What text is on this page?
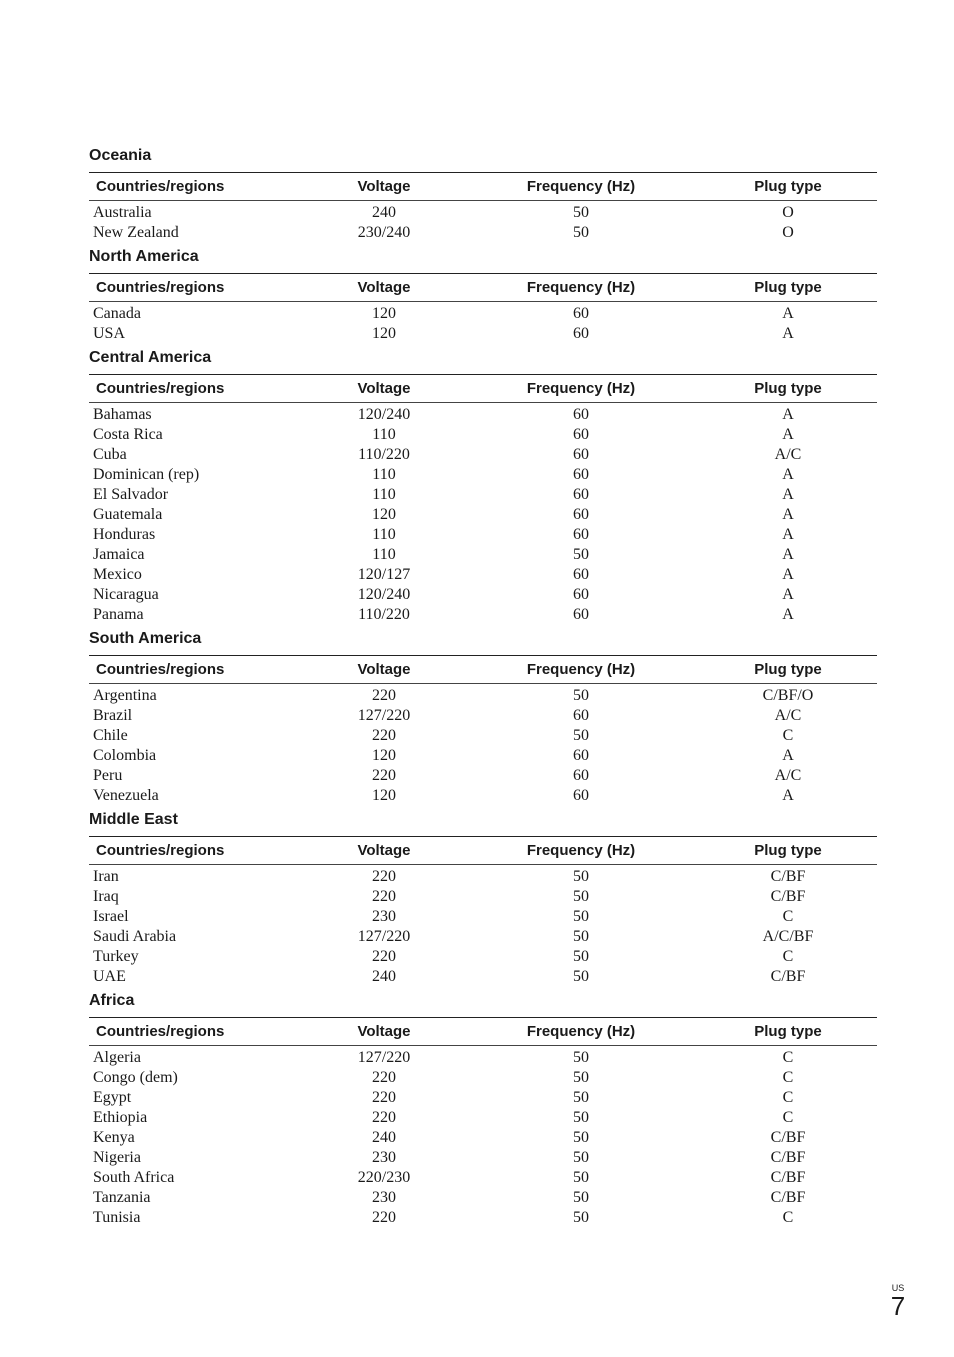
Oceania
Countries/regions	Voltage	Frequency (Hz)	Plug type
Australia	240	50	O
New Zealand	230/240	50	O
North America
Countries/regions	Voltage	Frequency (Hz)	Plug type
Canada	120	60	A
USA	120	60	A
Central America
Countries/regions	Voltage	Frequency (Hz)	Plug type
Bahamas	120/240	60	A
Costa Rica	110	60	A
Cuba	110/220	60	A/C
Dominican (rep)	110	60	A
El Salvador	110	60	A
Guatemala	120	60	A
Honduras	110	60	A
Jamaica	110	50	A
Mexico	120/127	60	A
Nicaragua	120/240	60	A
Panama	110/220	60	A
South America
Countries/regions	Voltage	Frequency (Hz)	Plug type
Argentina	220	50	C/BF/O
Brazil	127/220	60	A/C
Chile	220	50	C
Colombia	120	60	A
Peru	220	60	A/C
Venezuela	120	60	A
Middle East
Countries/regions	Voltage	Frequency (Hz)	Plug type
Iran	220	50	C/BF
Iraq	220	50	C/BF
Israel	230	50	C
Saudi Arabia	127/220	50	A/C/BF
Turkey	220	50	C
UAE	240	50	C/BF
Africa
Countries/regions	Voltage	Frequency (Hz)	Plug type
Algeria	127/220	50	C
Congo (dem)	220	50	C
Egypt	220	50	C
Ethiopia	220	50	C
Kenya	240	50	C/BF
Nigeria	230	50	C/BF
South Africa	220/230	50	C/BF
Tanzania	230	50	C/BF
Tunisia	220	50	C
US
7
